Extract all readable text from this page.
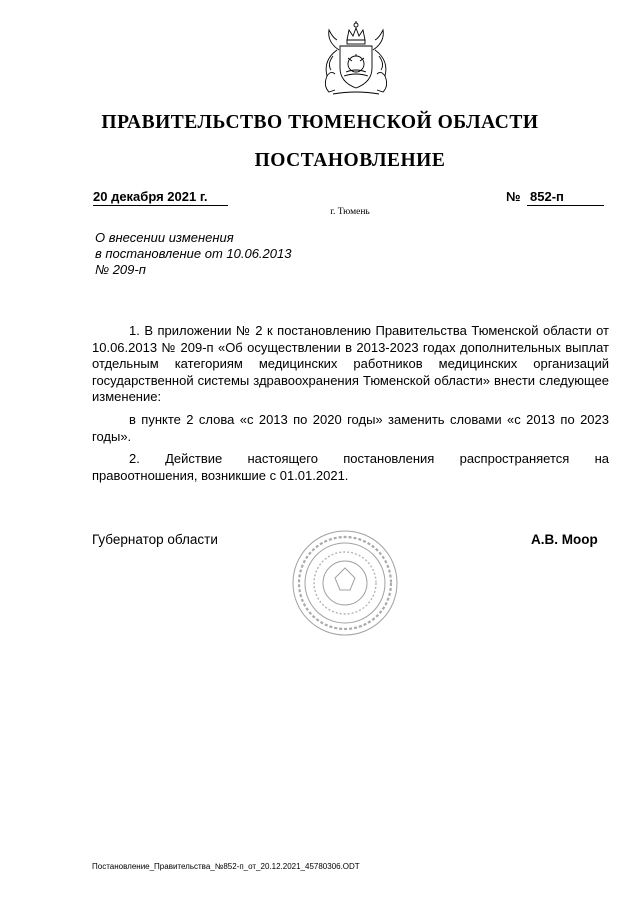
ПРАВИТЕЛЬСТВО ТЮМЕНСКОЙ ОБЛАСТИ
ПОСТАНОВЛЕНИЕ
20 декабря 2021 г.	№ 852-п
г. Тюмень
О внесении изменения
в постановление от 10.06.2013
№ 209-п

1. В приложении № 2 к постановлению Правительства Тюменской области от 10.06.2013 № 209-п «Об осуществлении в 2013-2023 годах дополнительных выплат отдельным категориям медицинских работников медицинских организаций государственной системы здравоохранения Тюменской области» внести следующее изменение:

в пункте 2 слова «с 2013 по 2020 годы» заменить словами «с 2013 по 2023 годы».

2. Действие настоящего постановления распространяется на правоотношения, возникшие с 01.01.2021.

Губернатор области	А.В. Моор
Постановление_Правительства_№852-п_от_20.12.2021_45780306.ODT
